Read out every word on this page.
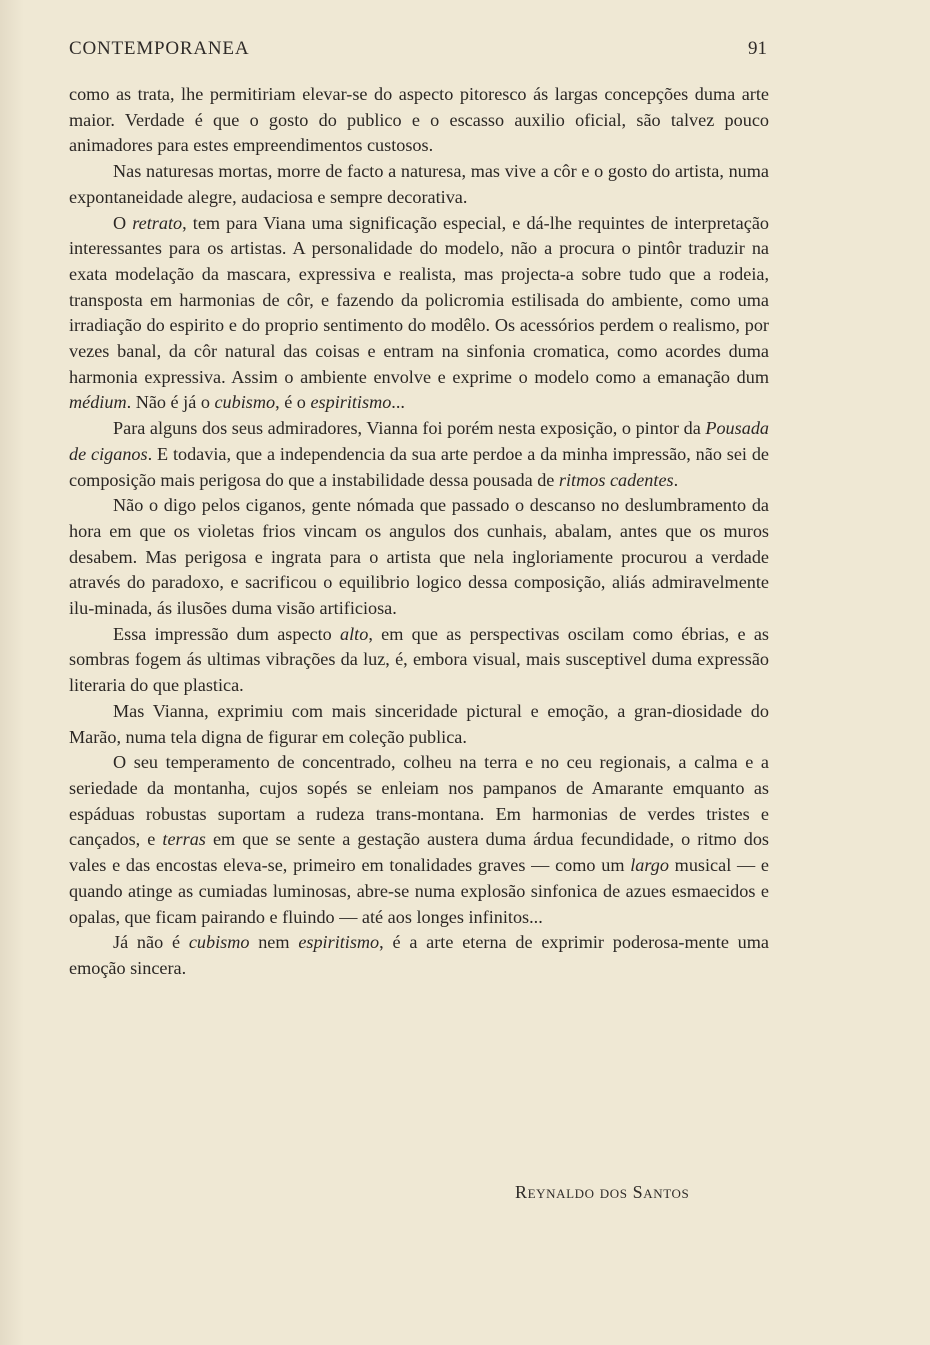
CONTEMPORANEA	91

como as trata, lhe permitiriam elevar-se do aspecto pitoresco ás largas concepções duma arte maior. Verdade é que o gosto do publico e o escasso auxilio oficial, são talvez pouco animadores para estes empreendimentos custosos.

Nas naturesas mortas, morre de facto a naturesa, mas vive a côr e o gosto do artista, numa expontaneidade alegre, audaciosa e sempre decorativa.

O retrato, tem para Viana uma significação especial, e dá-lhe requintes de interpretação interessantes para os artistas. A personalidade do modelo, não a procura o pintôr traduzir na exata modelação da mascara, expressiva e realista, mas projecta-a sobre tudo que a rodeia, transposta em harmonias de côr, e fazendo da policromia estilisada do ambiente, como uma irradiação do espirito e do proprio sentimento do modêlo. Os acessórios perdem o realismo, por vezes banal, da côr natural das coisas e entram na sinfonia cromatica, como acordes duma harmonia expressiva. Assim o ambiente envolve e exprime o modelo como a emanação dum médium. Não é já o cubismo, é o espiritismo...

Para alguns dos seus admiradores, Vianna foi porém nesta exposição, o pintor da Pousada de ciganos. E todavia, que a independencia da sua arte perdoe a da minha impressão, não sei de composição mais perigosa do que a instabilidade dessa pousada de ritmos cadentes.

Não o digo pelos ciganos, gente nómada que passado o descanso no deslumbramento da hora em que os violetas frios vincam os angulos dos cunhais, abalam, antes que os muros desabem. Mas perigosa e ingrata para o artista que nela ingloriamente procurou a verdade através do paradoxo, e sacrificou o equilibrio logico dessa composição, aliás admiravelmente ilu-minada, ás ilusões duma visão artificiosa.

Essa impressão dum aspecto alto, em que as perspectivas oscilam como ébrias, e as sombras fogem ás ultimas vibrações da luz, é, embora visual, mais susceptivel duma expressão literaria do que plastica.

Mas Vianna, exprimiu com mais sinceridade pictural e emoção, a gran-diosidade do Marão, numa tela digna de figurar em coleção publica.

O seu temperamento de concentrado, colheu na terra e no ceu regionais, a calma e a seriedade da montanha, cujos sopés se enleiam nos pampanos de Amarante emquanto as espáduas robustas suportam a rudeza trans-montana. Em harmonias de verdes tristes e cançados, e terras em que se sente a gestação austera duma árdua fecundidade, o ritmo dos vales e das encostas eleva-se, primeiro em tonalidades graves — como um largo musical — e quando atinge as cumiadas luminosas, abre-se numa explosão sinfonica de azues esmaecidos e opalas, que ficam pairando e fluindo — até aos longes infinitos...

Já não é cubismo nem espiritismo, é a arte eterna de exprimir poderosa-mente uma emoção sincera.

Reynaldo dos Santos
